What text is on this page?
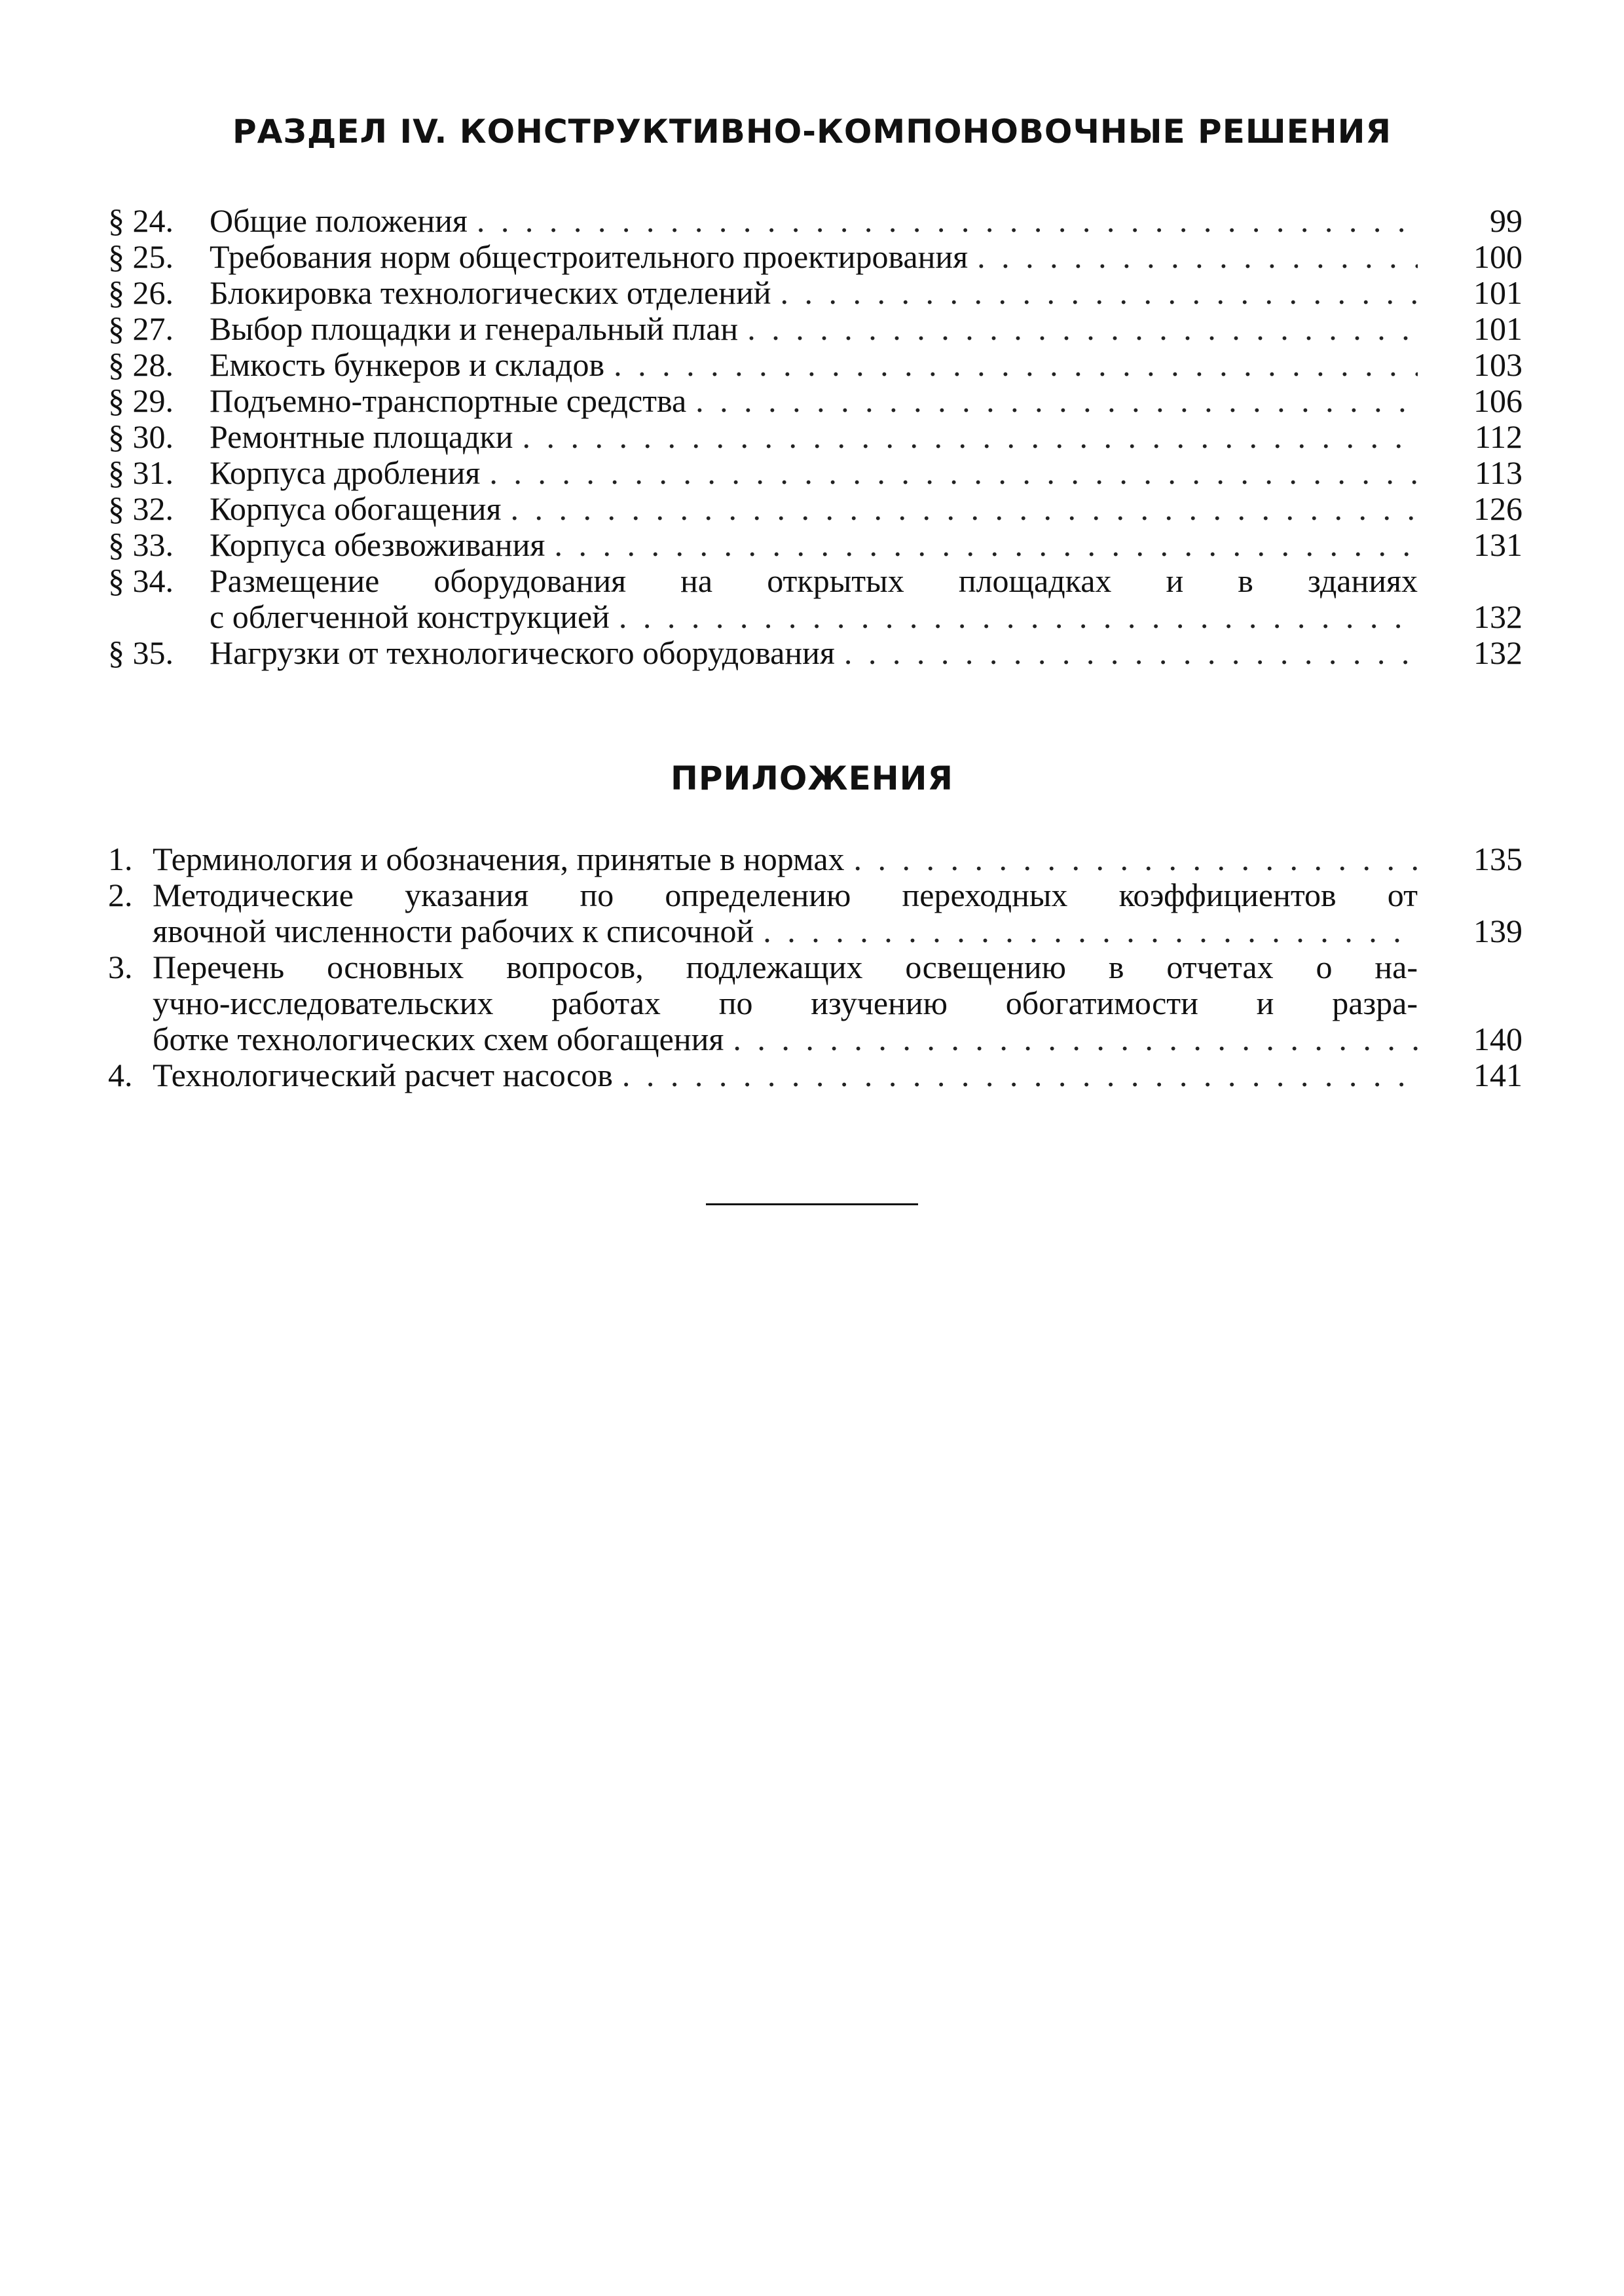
РАЗДЕЛ IV. КОНСТРУКТИВНО-КОМПОНОВОЧНЫЕ РЕШЕНИЯ
§ 24. Общие положения . . .	99
§ 25. Требования норм общестроительного проектирования . . .	100
§ 26. Блокировка технологических отделений . . .	101
§ 27. Выбор площадки и генеральный план . . .	101
§ 28. Емкость бункеров и складов . . .	103
§ 29. Подъемно-транспортные средства . . .	106
§ 30. Ремонтные площадки . . .	112
§ 31. Корпуса дробления . . .	113
§ 32. Корпуса обогащения . . .	126
§ 33. Корпуса обезвоживания . . .	131
§ 34. Размещение оборудования на открытых площадках и в зданиях
с облегченной конструкцией . . .	132
§ 35. Нагрузки от технологического оборудования . . .	132
ПРИЛОЖЕНИЯ
1. Терминология и обозначения, принятые в нормах . . .	135
2. Методические указания по определению переходных коэффициентов от
явочной численности рабочих к списочной . . .	139
3. Перечень основных вопросов, подлежащих освещению в отчетах о на-
учно-исследовательских работах по изучению обогатимости и разра-
ботке технологических схем обогащения . . .	140
4. Технологический расчет насосов . . .	141
